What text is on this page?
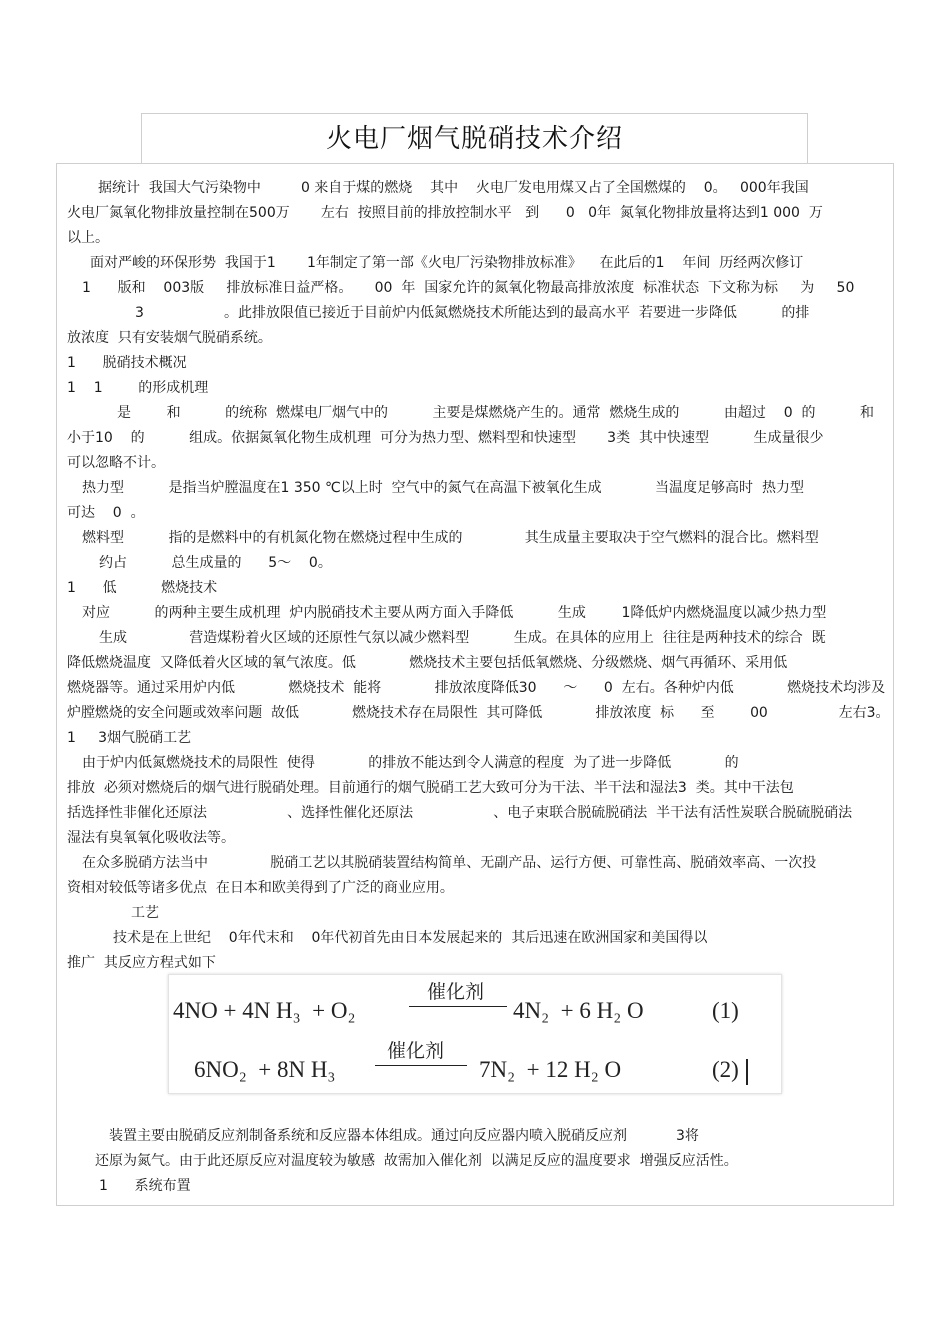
火电厂烟气脱硝技术介绍
据统计  我国大气污染物中         0 来自于煤的燃烧    其中    火电厂发电用煤又占了全国燃煤的    0。   000年我国
火电厂氮氧化物排放量控制在500万       左右  按照目前的排放控制水平   到      0   0年  氮氧化物排放量将达到1 000  万
以上。
面对严峻的环保形势  我国于1       1年制定了第一部《火电厂污染物排放标准》    在此后的1    年间  历经两次修订
1      版和    003版     排放标准日益严格。     00  年  国家允许的氮氧化物最高排放浓度  标准状态  下文称为标     为     50
3                  。此排放限值已接近于目前炉内低氮燃烧技术所能达到的最高水平  若要进一步降低          的排
放浓度  只有安装烟气脱硝系统。
1      脱硝技术概况
1    1        的形成机理
是        和          的统称  燃煤电厂烟气中的          主要是煤燃烧产生的。通常  燃烧生成的          由超过    0  的          和
小于10    的          组成。依据氮氧化物生成机理  可分为热力型、燃料型和快速型       3类  其中快速型          生成量很少
可以忽略不计。
热力型          是指当炉膛温度在1 350 ℃以上时  空气中的氮气在高温下被氧化生成            当温度足够高时  热力型
可达    0  。
燃料型          指的是燃料中的有机氮化物在燃烧过程中生成的              其生成量主要取决于空气燃料的混合比。燃料型
约占          总生成量的      5～    0。
1      低          燃烧技术
对应          的两种主要生成机理  炉内脱硝技术主要从两方面入手降低          生成        1降低炉内燃烧温度以减少热力型
生成              营造煤粉着火区域的还原性气氛以减少燃料型          生成。在具体的应用上  往往是两种技术的综合  既
降低燃烧温度  又降低着火区域的氧气浓度。低            燃烧技术主要包括低氧燃烧、分级燃烧、烟气再循环、采用低
燃烧器等。通过采用炉内低            燃烧技术  能将            排放浓度降低30      ～      0  左右。各种炉内低            燃烧技术均涉及
炉膛燃烧的安全问题或效率问题  故低            燃烧技术存在局限性  其可降低            排放浓度  标      至        00                左右3。
1     3烟气脱硝工艺
由于炉内低氮燃烧技术的局限性  使得            的排放不能达到令人满意的程度  为了进一步降低            的
排放  必须对燃烧后的烟气进行脱硝处理。目前通行的烟气脱硝工艺大致可分为干法、半干法和湿法3  类。其中干法包
括选择性非催化还原法                  、选择性催化还原法                  、电子束联合脱硫脱硝法  半干法有活性炭联合脱硫脱硝法
湿法有臭氧氧化吸收法等。
在众多脱硝方法当中              脱硝工艺以其脱硝装置结构简单、无副产品、运行方便、可靠性高、脱硝效率高、一次投
资相对较低等诸多优点  在日本和欧美得到了广泛的商业应用。
工艺
技术是在上世纪    0年代末和    0年代初首先由日本发展起来的  其后迅速在欧洲国家和美国得以
推广  其反应方程式如下
4NO + 4N H₃  + O₂
催化剂
4N₂  + 6 H₂ O	(1)
6NO₂  + 8N H₃
催化剂
7N₂  + 12 H₂ O	(2)
装置主要由脱硝反应剂制备系统和反应器本体组成。通过向反应器内喷入脱硝反应剂           3将
还原为氮气。由于此还原反应对温度较为敏感  故需加入催化剂  以满足反应的温度要求  增强反应活性。
1      系统布置
